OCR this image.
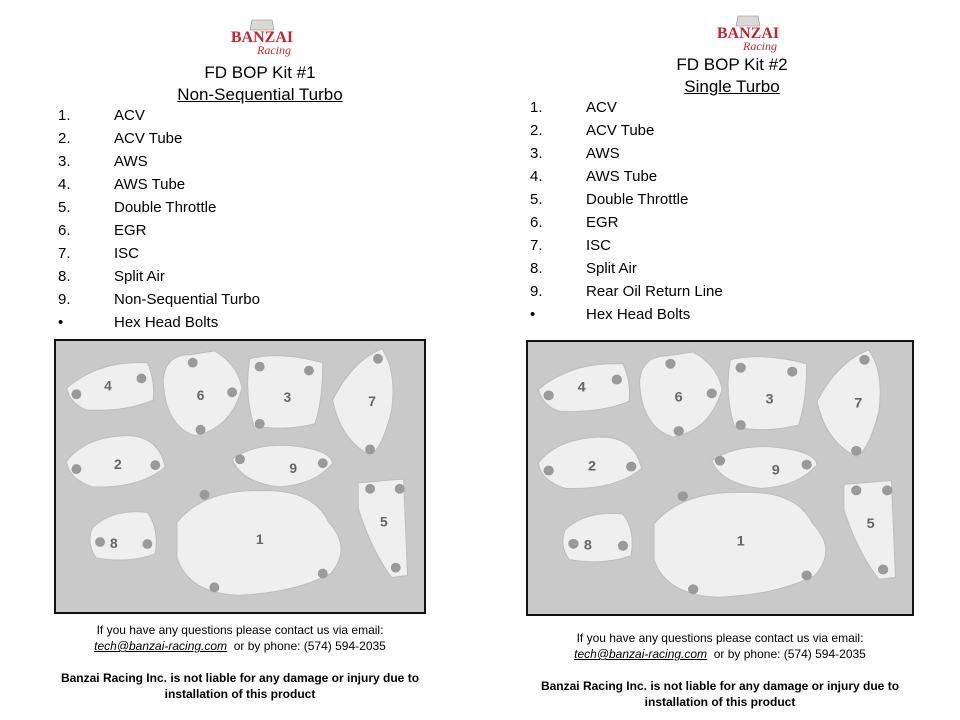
BANZAI
Racing
FD BOP Kit #1
Non-Sequential Turbo
1.	ACV
2.	ACV Tube
3.	AWS
4.	AWS Tube
5.	Double Throttle
6.	EGR
7.	ISC
8.	Split Air
9.	Non-Sequential Turbo
•	Hex Head Bolts
4
6	3	7
2	9
8	1
5
If you have any questions please contact us via email:
tech@banzai-racing.com or by phone: (574) 594-2035
Banzai Racing Inc. is not liable for any damage or injury due to installation of this product
BANZAI
Racing
FD BOP Kit #2
Single Turbo
1.	ACV
2.	ACV Tube
3.	AWS
4.	AWS Tube
5.	Double Throttle
6.	EGR
7.	ISC
8.	Split Air
9.	Rear Oil Return Line
•	Hex Head Bolts
4
6	3	7
2	9
8	1
5
If you have any questions please contact us via email:
tech@banzai-racing.com or by phone: (574) 594-2035
Banzai Racing Inc. is not liable for any damage or injury due to installation of this product
